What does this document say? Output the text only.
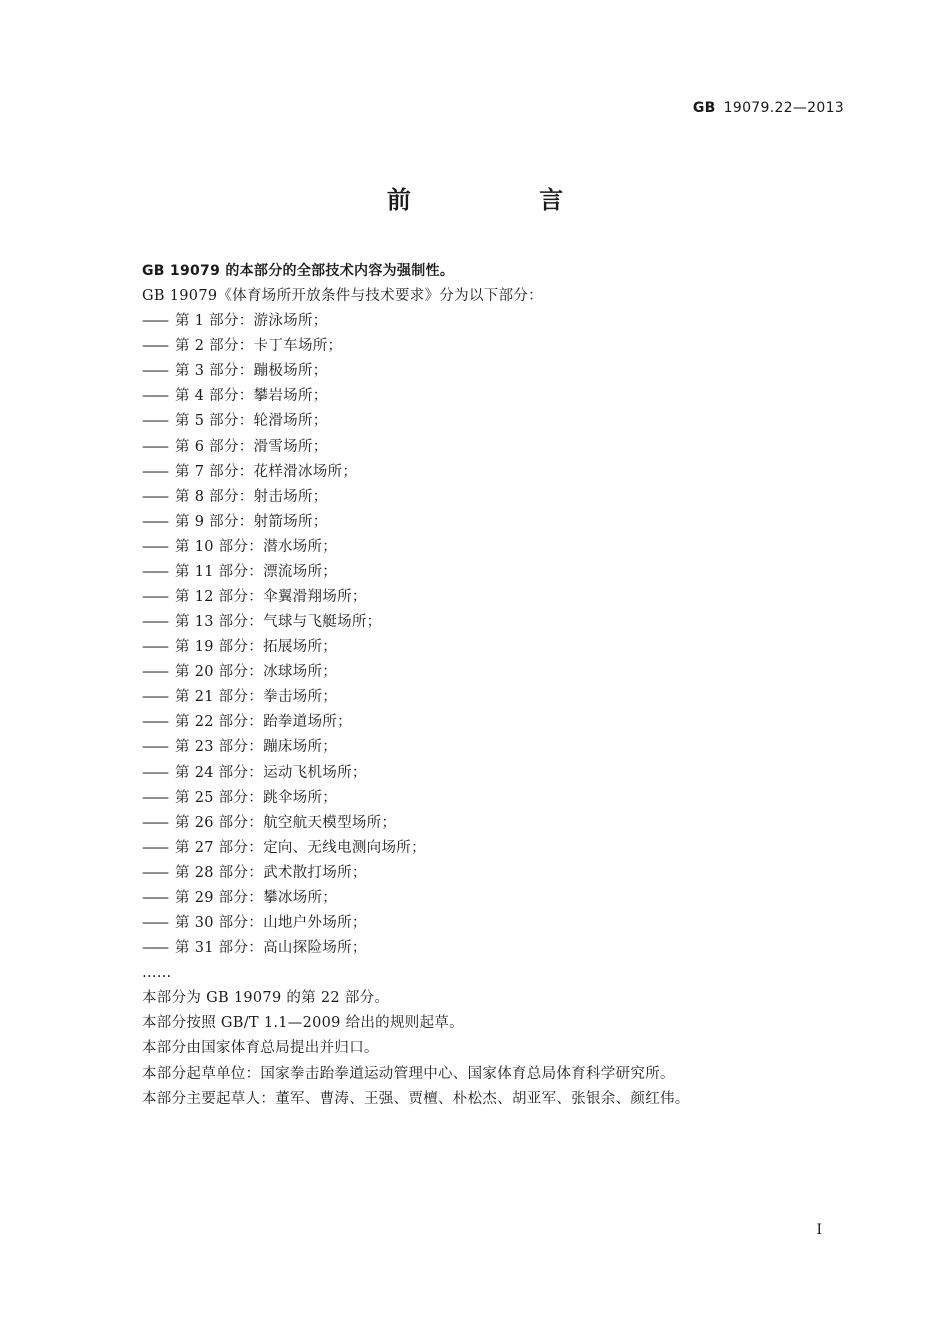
GB 19079.22—2013
前 言
GB 19079 的本部分的全部技术内容为强制性。
GB 19079《体育场所开放条件与技术要求》分为以下部分：
—— 第 1 部分：游泳场所；
—— 第 2 部分：卡丁车场所；
—— 第 3 部分：蹦极场所；
—— 第 4 部分：攀岩场所；
—— 第 5 部分：轮滑场所；
—— 第 6 部分：滑雪场所；
—— 第 7 部分：花样滑冰场所；
—— 第 8 部分：射击场所；
—— 第 9 部分：射箭场所；
—— 第 10 部分：潜水场所；
—— 第 11 部分：漂流场所；
—— 第 12 部分：伞翼滑翔场所；
—— 第 13 部分：气球与飞艇场所；
—— 第 19 部分：拓展场所；
—— 第 20 部分：冰球场所；
—— 第 21 部分：拳击场所；
—— 第 22 部分：跆拳道场所；
—— 第 23 部分：蹦床场所；
—— 第 24 部分：运动飞机场所；
—— 第 25 部分：跳伞场所；
—— 第 26 部分：航空航天模型场所；
—— 第 27 部分：定向、无线电测向场所；
—— 第 28 部分：武术散打场所；
—— 第 29 部分：攀冰场所；
—— 第 30 部分：山地户外场所；
—— 第 31 部分：高山探险场所；
……
本部分为 GB 19079 的第 22 部分。
本部分按照 GB/T 1.1—2009 给出的规则起草。
本部分由国家体育总局提出并归口。
本部分起草单位：国家拳击跆拳道运动管理中心、国家体育总局体育科学研究所。
本部分主要起草人：董军、曹涛、王强、贾檀、朴松杰、胡亚军、张银余、颜红伟。
I
